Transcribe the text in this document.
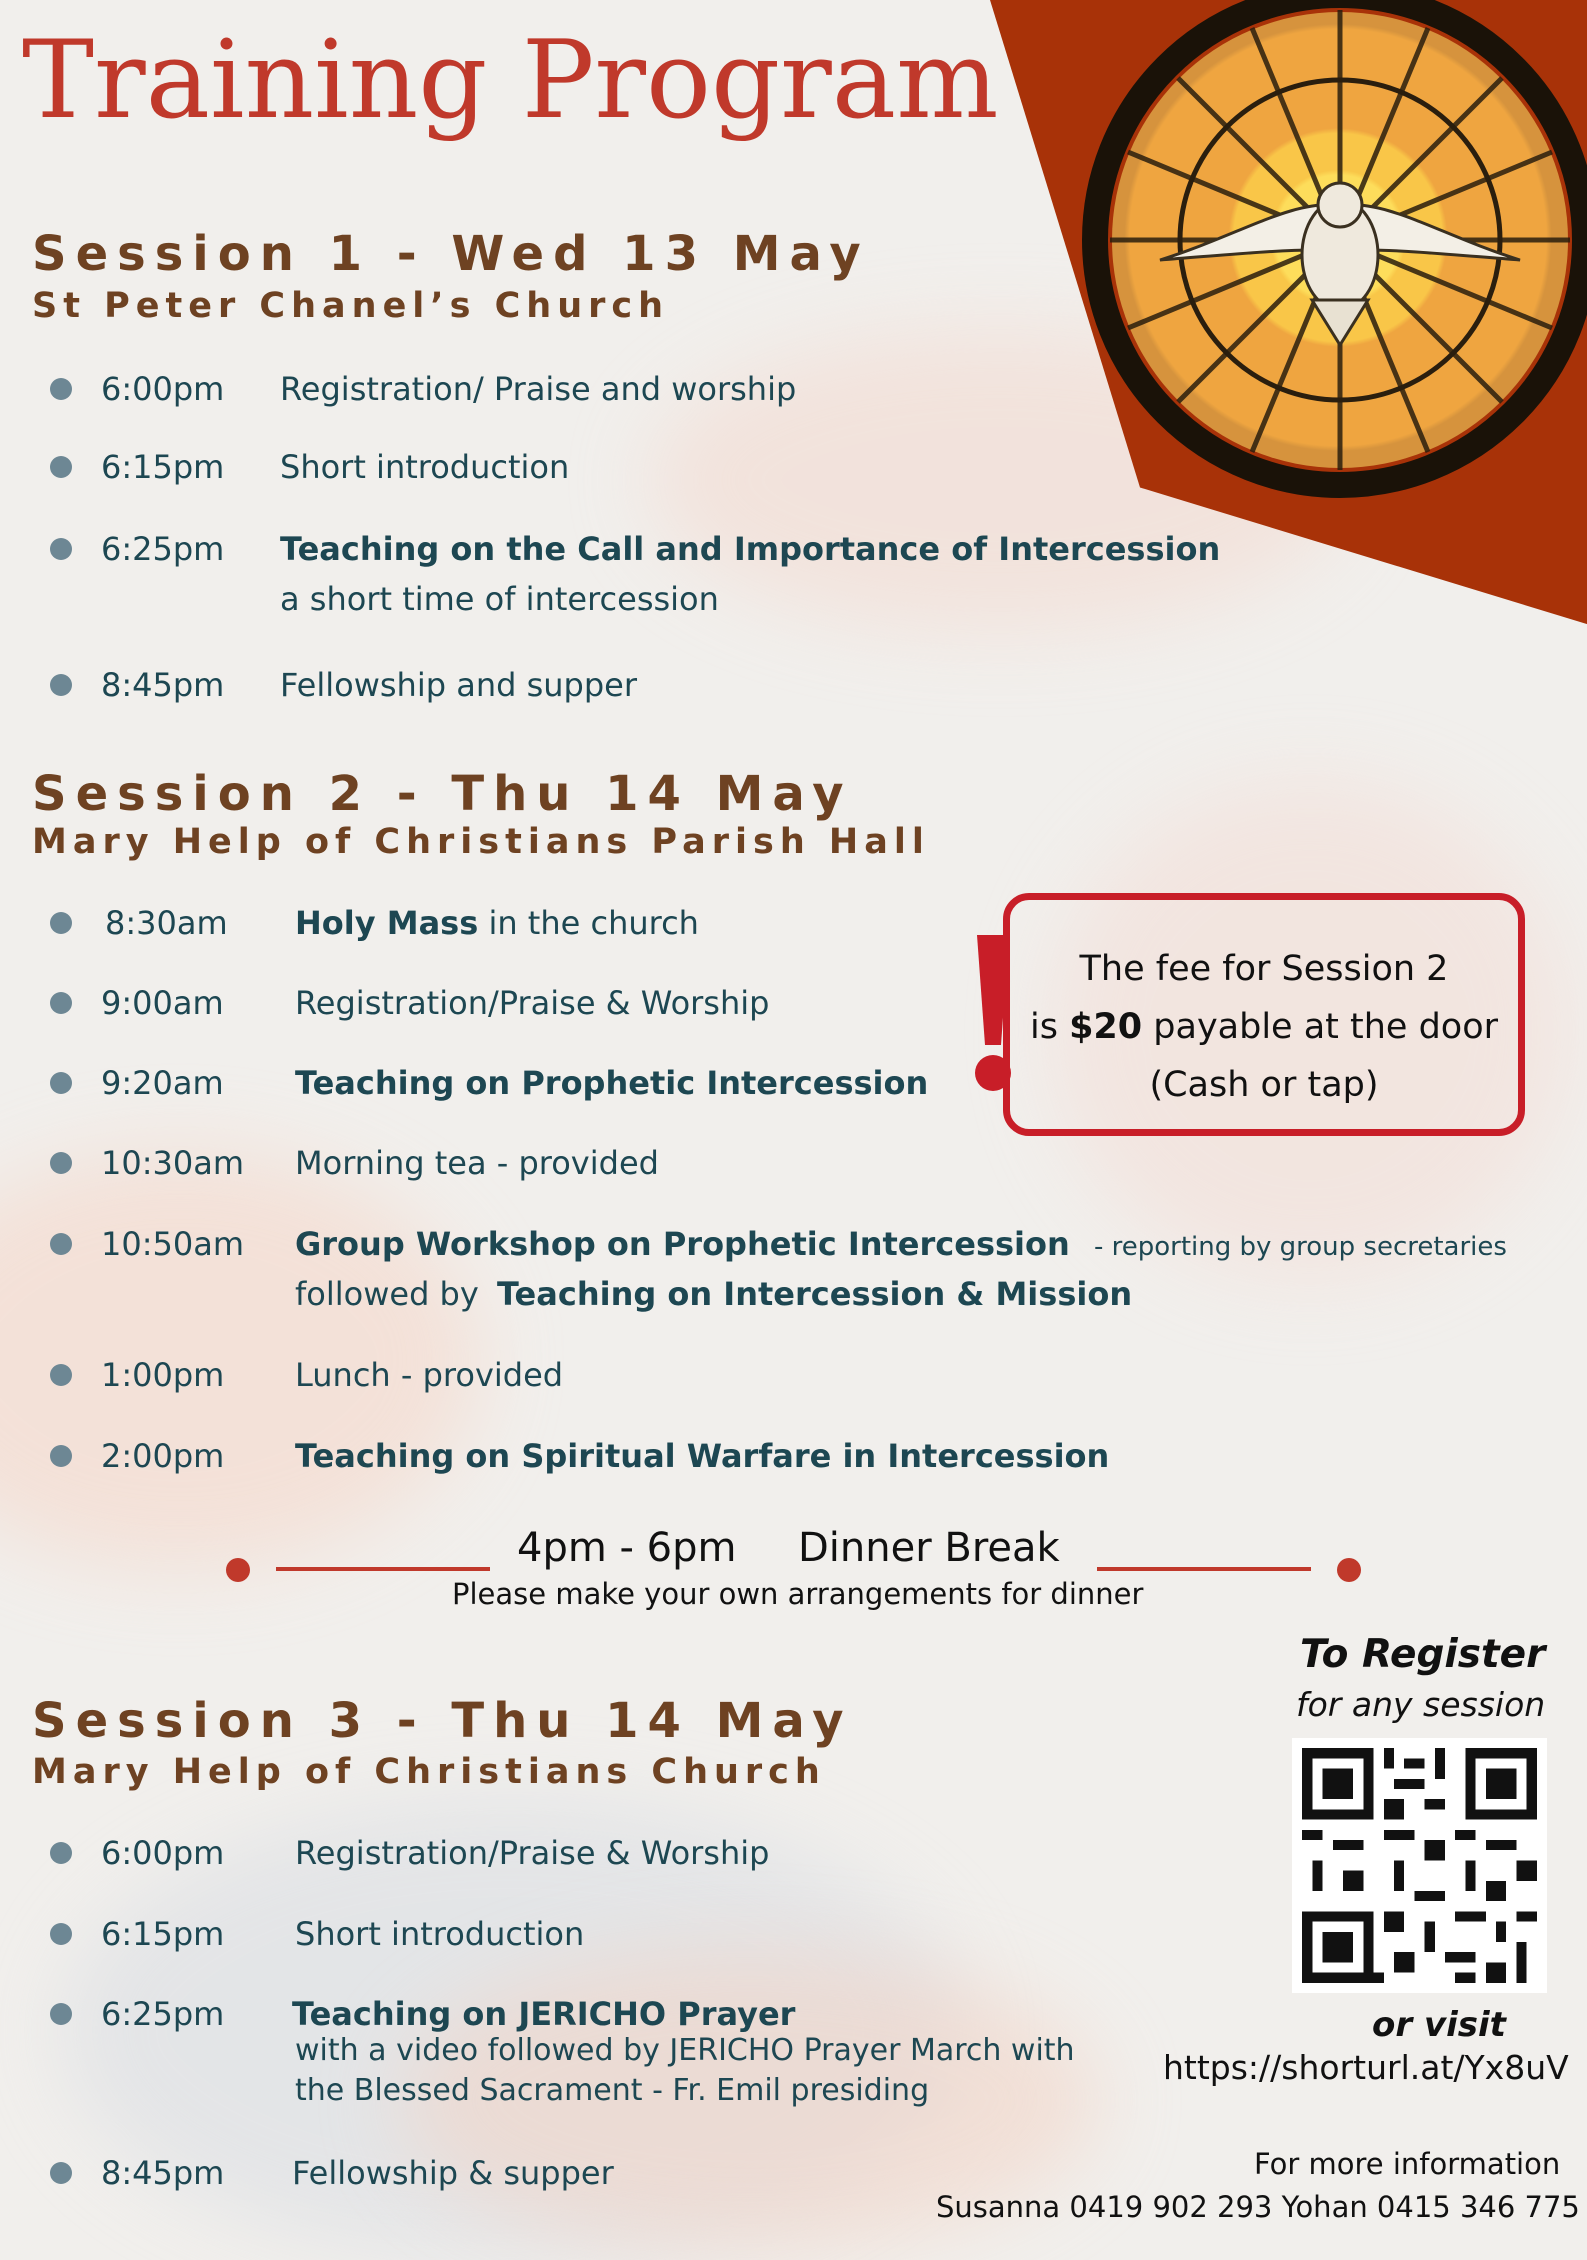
Training Program
Session 1 - Wed 13 May
St Peter Chanel’s Church
6:00pm Registration/ Praise and worship
6:15pm Short introduction
6:25pm Teaching on the Call and Importance of Intercession
a short time of intercession
8:45pm Fellowship and supper
Session 2 - Thu 14 May
Mary Help of Christians Parish Hall
8:30am Holy Mass in the church
9:00am Registration/Praise & Worship
9:20am Teaching on Prophetic Intercession
10:30am Morning tea - provided
10:50am Group Workshop on Prophetic Intercession - reporting by group secretaries
followed by Teaching on Intercession & Mission
1:00pm Lunch - provided
2:00pm Teaching on Spiritual Warfare in Intercession
The fee for Session 2
is $20 payable at the door
(Cash or tap)
4pm - 6pm Dinner Break
Please make your own arrangements for dinner
Session 3 - Thu 14 May
Mary Help of Christians Church
6:00pm Registration/Praise & Worship
6:15pm Short introduction
6:25pm Teaching on JERICHO Prayer
with a video followed by JERICHO Prayer March with
the Blessed Sacrament - Fr. Emil presiding
8:45pm Fellowship & supper
To Register
for any session
or visit
https://shorturl.at/Yx8uV
For more information
Susanna 0419 902 293 Yohan 0415 346 775
